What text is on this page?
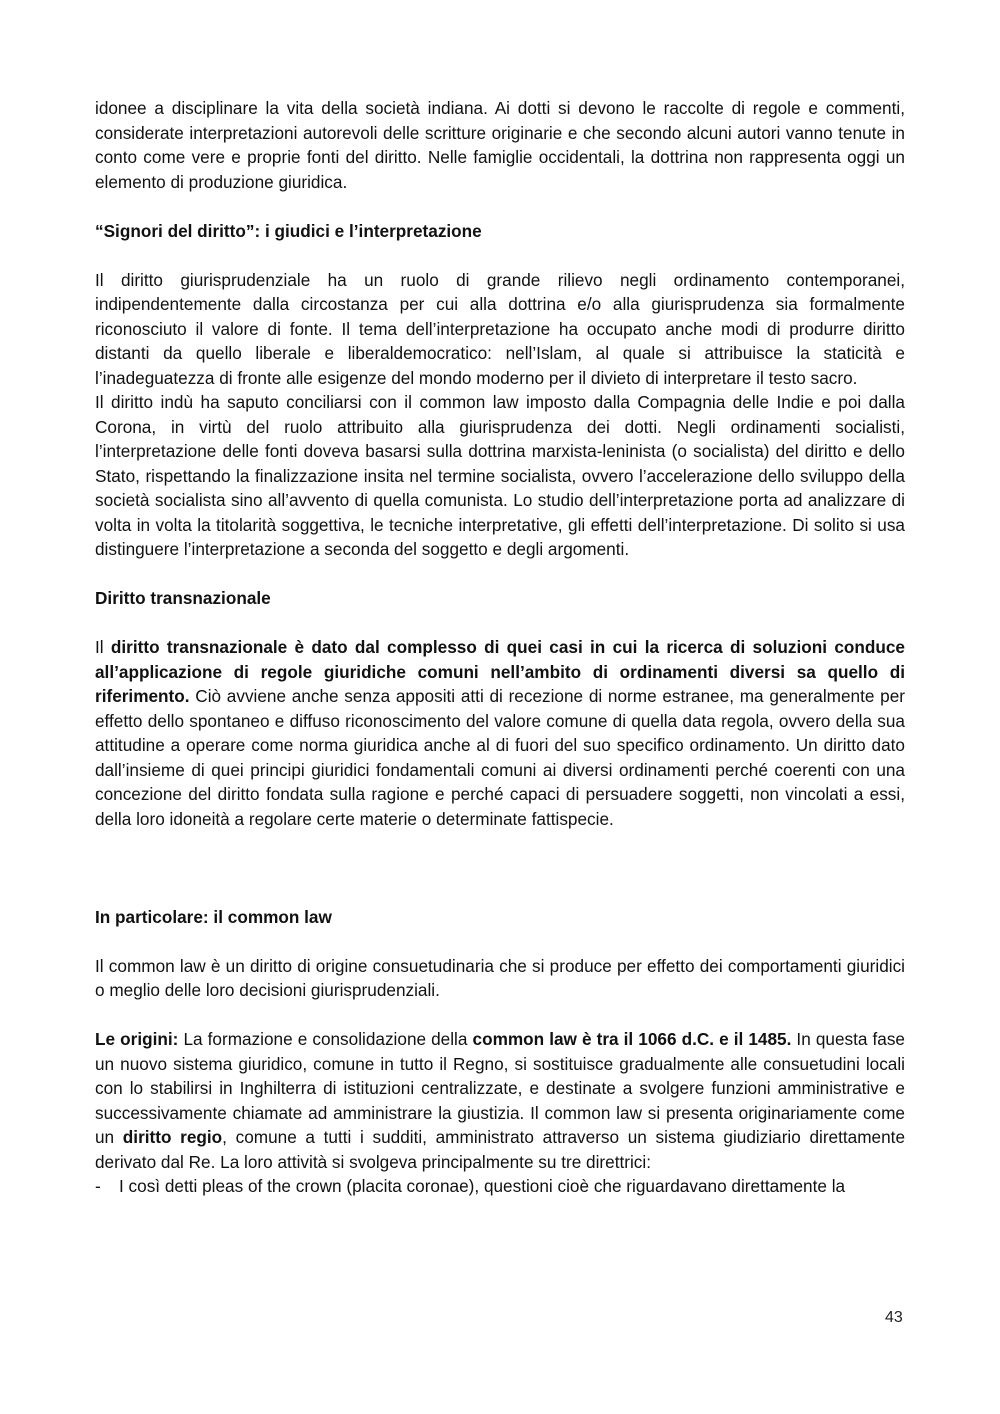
idonee a disciplinare la vita della società indiana. Ai dotti si devono le raccolte di regole e commenti, considerate interpretazioni autorevoli delle scritture originarie e che secondo alcuni autori vanno tenute in conto come vere e proprie fonti del diritto. Nelle famiglie occidentali, la dottrina non rappresenta oggi un elemento di produzione giuridica.

“Signori del diritto”: i giudici e l’interpretazione

Il diritto giurisprudenziale ha un ruolo di grande rilievo negli ordinamento contemporanei, indipendentemente dalla circostanza per cui alla dottrina e/o alla giurisprudenza sia formalmente riconosciuto il valore di fonte. Il tema dell’interpretazione ha occupato anche modi di produrre diritto distanti da quello liberale e liberaldemocratico: nell’Islam, al quale si attribuisce la staticità e l’inadeguatezza di fronte alle esigenze del mondo moderno per il divieto di interpretare il testo sacro.

Il diritto indù ha saputo conciliarsi con il common law imposto dalla Compagnia delle Indie e poi dalla Corona, in virtù del ruolo attribuito alla giurisprudenza dei dotti. Negli ordinamenti socialisti, l’interpretazione delle fonti doveva basarsi sulla dottrina marxista-leninista (o socialista) del diritto e dello Stato, rispettando la finalizzazione insita nel termine socialista, ovvero l’accelerazione dello sviluppo della società socialista sino all’avvento di quella comunista. Lo studio dell’interpretazione porta ad analizzare di volta in volta la titolarità soggettiva, le tecniche interpretative, gli effetti dell’interpretazione. Di solito si usa distinguere l’interpretazione a seconda del soggetto e degli argomenti.

Diritto transnazionale

Il diritto transnazionale è dato dal complesso di quei casi in cui la ricerca di soluzioni conduce all’applicazione di regole giuridiche comuni nell’ambito di ordinamenti diversi sa quello di riferimento. Ciò avviene anche senza appositi atti di recezione di norme estranee, ma generalmente per effetto dello spontaneo e diffuso riconoscimento del valore comune di quella data regola, ovvero della sua attitudine a operare come norma giuridica anche al di fuori del suo specifico ordinamento. Un diritto dato dall’insieme di quei principi giuridici fondamentali comuni ai diversi ordinamenti perché coerenti con una concezione del diritto fondata sulla ragione e perché capaci di persuadere soggetti, non vincolati a essi, della loro idoneità a regolare certe materie o determinate fattispecie.

In particolare: il common law

Il common law è un diritto di origine consuetudinaria che si produce per effetto dei comportamenti giuridici o meglio delle loro decisioni giurisprudenziali.

Le origini: La formazione e consolidazione della common law è tra il 1066 d.C. e il 1485. In questa fase un nuovo sistema giuridico, comune in tutto il Regno, si sostituisce gradualmente alle consuetudini locali con lo stabilirsi in Inghilterra di istituzioni centralizzate, e destinate a svolgere funzioni amministrative e successivamente chiamate ad amministrare la giustizia. Il common law si presenta originariamente come un diritto regio, comune a tutti i sudditi, amministrato attraverso un sistema giudiziario direttamente derivato dal Re. La loro attività si svolgeva principalmente su tre direttrici:

-	I così detti pleas of the crown (placita coronae), questioni cioè che riguardavano direttamente la
43
